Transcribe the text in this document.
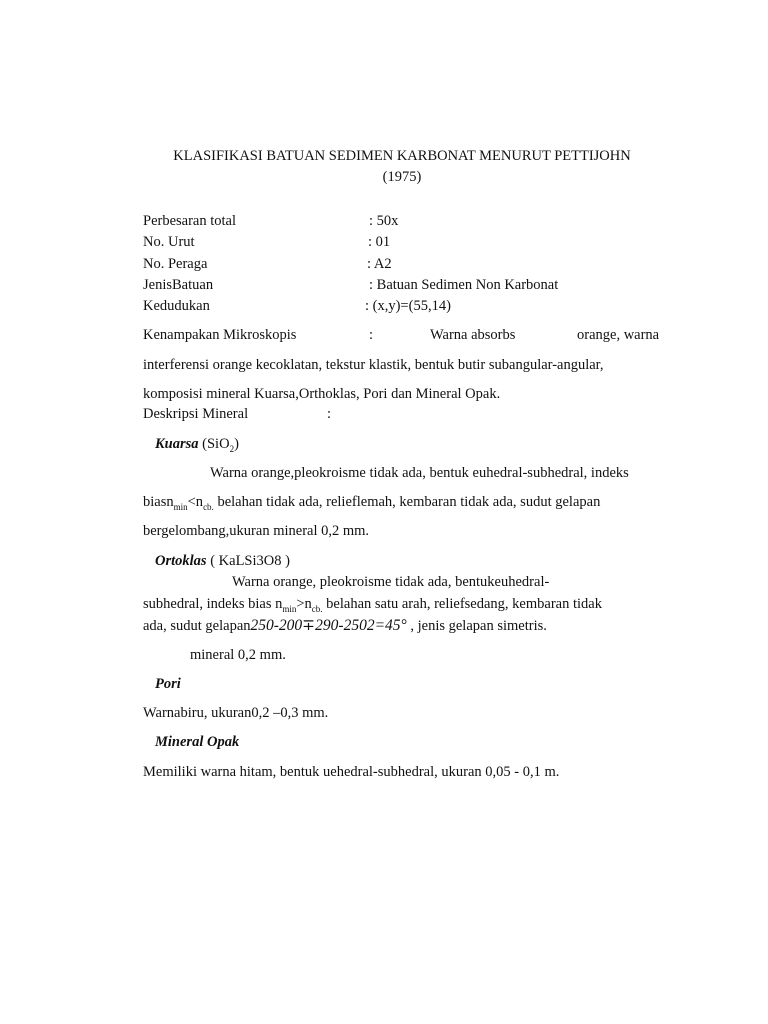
KLASIFIKASI BATUAN SEDIMEN KARBONAT MENURUT PETTIJOHN
(1975)
Perbesaran total	: 50x
No. Urut	: 01
No. Peraga	: A2
JenisBatuan	: Batuan Sedimen Non Karbonat
Kedudukan	: (x,y)=(55,14)
Kenampakan Mikroskopis	:	Warna absorbs	orange, warna
interferensi orange kecoklatan, tekstur klastik, bentuk butir subangular-angular,
komposisi mineral Kuarsa,Orthoklas, Pori dan Mineral Opak.
Deskripsi Mineral	:
Kuarsa (SiO$_2$)
Warna orange,pleokroisme tidak ada, bentuk euhedral-subhedral, indeks
$biasn_{min}<n_{cb.}$ belahan tidak ada, relieflemah, kembaran tidak ada, sudut gelapan
bergelombang,ukuran mineral 0,2 mm.
Ortoklas ( KaLSi3O8 )
Warna orange, pleokroisme tidak ada, bentukeuhedral-
subhedral, indeks bias $n_{min}>n_{cb.}$ belahan satu arah, reliefsedang, kembaran tidak
ada, sudut gelapan250-200∓290-2502=45° , jenis gelapan simetris.
mineral 0,2 mm.
Pori
Warnabiru, ukuran0,2 –0,3 mm.
Mineral Opak
Memiliki warna hitam, bentuk uehedral-subhedral, ukuran 0,05 - 0,1 m.
